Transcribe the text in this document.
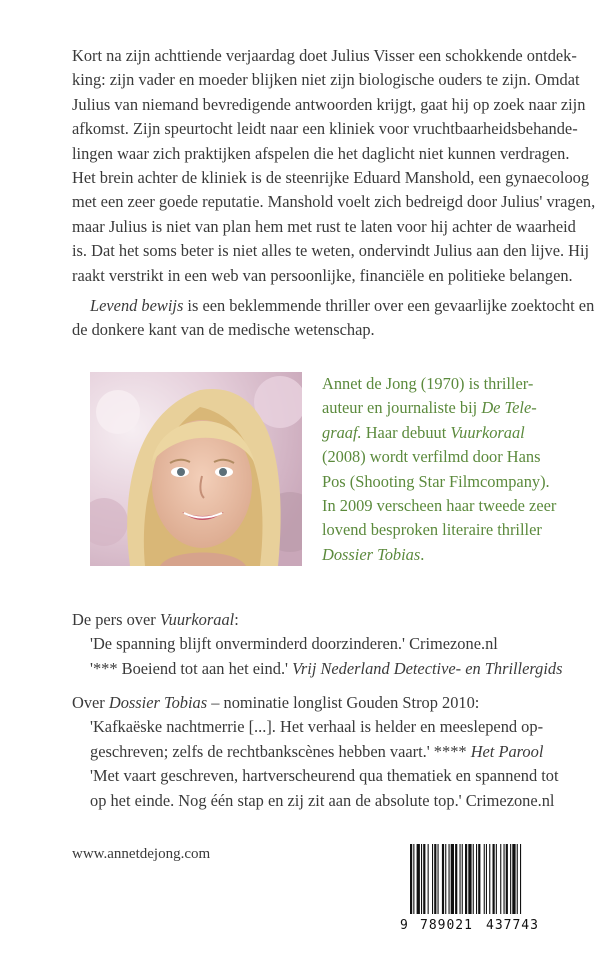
Kort na zijn achttiende verjaardag doet Julius Visser een schokkende ontdek-
king: zijn vader en moeder blijken niet zijn biologische ouders te zijn. Omdat
Julius van niemand bevredigende antwoorden krijgt, gaat hij op zoek naar zijn
afkomst. Zijn speurtocht leidt naar een kliniek voor vruchtbaarheidsbehande-
lingen waar zich praktijken afspelen die het daglicht niet kunnen verdragen.
Het brein achter de kliniek is de steenrijke Eduard Manshold, een gynaecoloog
met een zeer goede reputatie. Manshold voelt zich bedreigd door Julius' vragen,
maar Julius is niet van plan hem met rust te laten voor hij achter de waarheid
is. Dat het soms beter is niet alles te weten, ondervindt Julius aan den lijve. Hij
raakt verstrikt in een web van persoonlijke, financiële en politieke belangen.
Levend bewijs is een beklemmende thriller over een gevaarlijke zoektocht en
de donkere kant van de medische wetenschap.
Annet de Jong (1970) is thriller-
auteur en journaliste bij De Tele-
graaf. Haar debuut Vuurkoraal
(2008) wordt verfilmd door Hans
Pos (Shooting Star Filmcompany).
In 2009 verscheen haar tweede zeer
lovend besproken literaire thriller
Dossier Tobias.
De pers over Vuurkoraal:
'De spanning blijft onverminderd doorzinderen.' Crimezone.nl
'*** Boeiend tot aan het eind.' Vrij Nederland Detective- en Thrillergids
Over Dossier Tobias – nominatie longlist Gouden Strop 2010:
'Kafkaëske nachtmerrie [...]. Het verhaal is helder en meeslepend op-
geschreven; zelfs de rechtbankscènes hebben vaart.' **** Het Parool
'Met vaart geschreven, hartverscheurend qua thematiek en spannend tot
op het einde. Nog één stap en zij zit aan de absolute top.' Crimezone.nl
www.annetdejong.com
9 789021 437743
